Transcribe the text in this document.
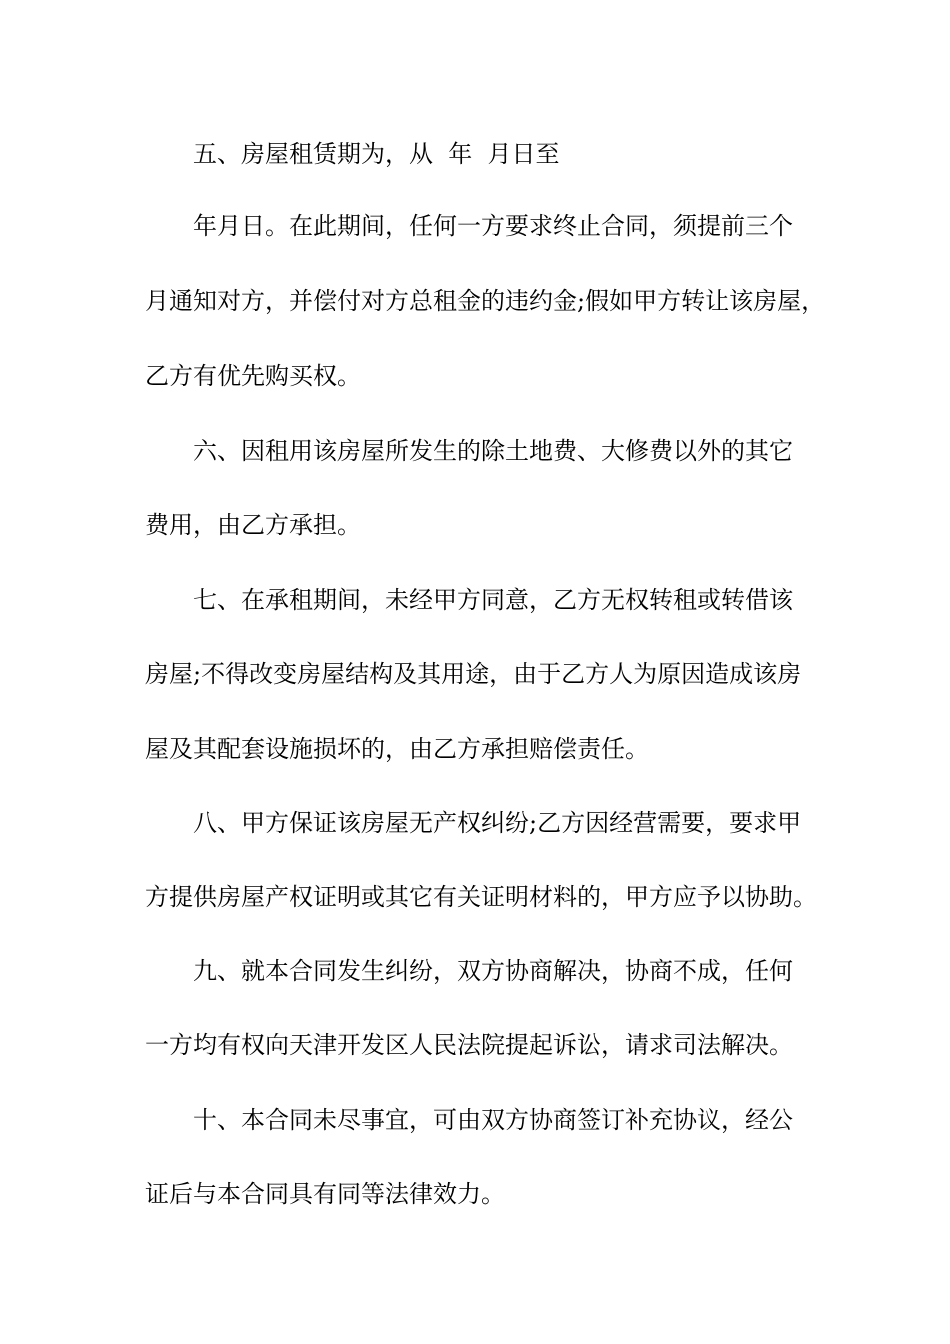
五、房屋租赁期为，从  年  月日至
年月日。在此期间，任何一方要求终止合同，须提前三个
月通知对方，并偿付对方总租金的违约金;假如甲方转让该房屋，
乙方有优先购买权。
六、因租用该房屋所发生的除土地费、大修费以外的其它
费用，由乙方承担。
七、在承租期间，未经甲方同意，乙方无权转租或转借该
房屋;不得改变房屋结构及其用途，由于乙方人为原因造成该房
屋及其配套设施损坏的，由乙方承担赔偿责任。
八、甲方保证该房屋无产权纠纷;乙方因经营需要，要求甲
方提供房屋产权证明或其它有关证明材料的，甲方应予以协助。
九、就本合同发生纠纷，双方协商解决，协商不成，任何
一方均有权向天津开发区人民法院提起诉讼，请求司法解决。
十、本合同未尽事宜，可由双方协商签订补充协议，经公
证后与本合同具有同等法律效力。
